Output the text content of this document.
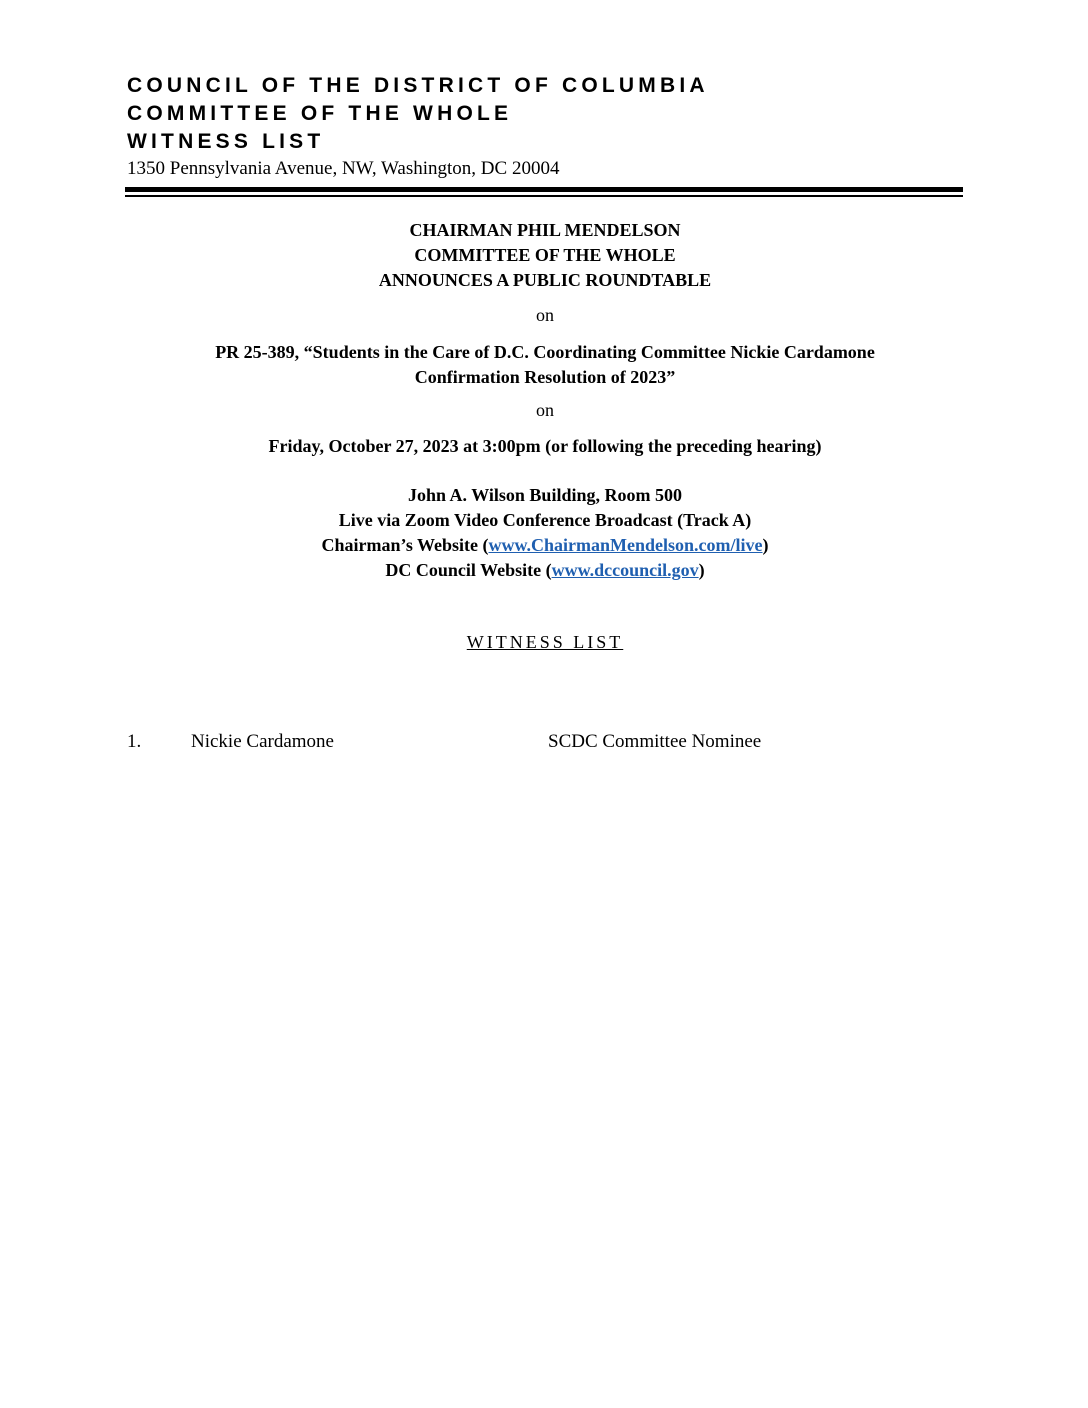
COUNCIL OF THE DISTRICT OF COLUMBIA
COMMITTEE OF THE WHOLE
WITNESS LIST
1350 Pennsylvania Avenue, NW, Washington, DC 20004
CHAIRMAN PHIL MENDELSON
COMMITTEE OF THE WHOLE
ANNOUNCES A PUBLIC ROUNDTABLE
on
PR 25-389, “Students in the Care of D.C. Coordinating Committee Nickie Cardamone
Confirmation Resolution of 2023”
on
Friday, October 27, 2023 at 3:00pm (or following the preceding hearing)
John A. Wilson Building, Room 500
Live via Zoom Video Conference Broadcast (Track A)
Chairman’s Website (www.ChairmanMendelson.com/live)
DC Council Website (www.dccouncil.gov)
WITNESS LIST
1.	Nickie Cardamone	SCDC Committee Nominee
